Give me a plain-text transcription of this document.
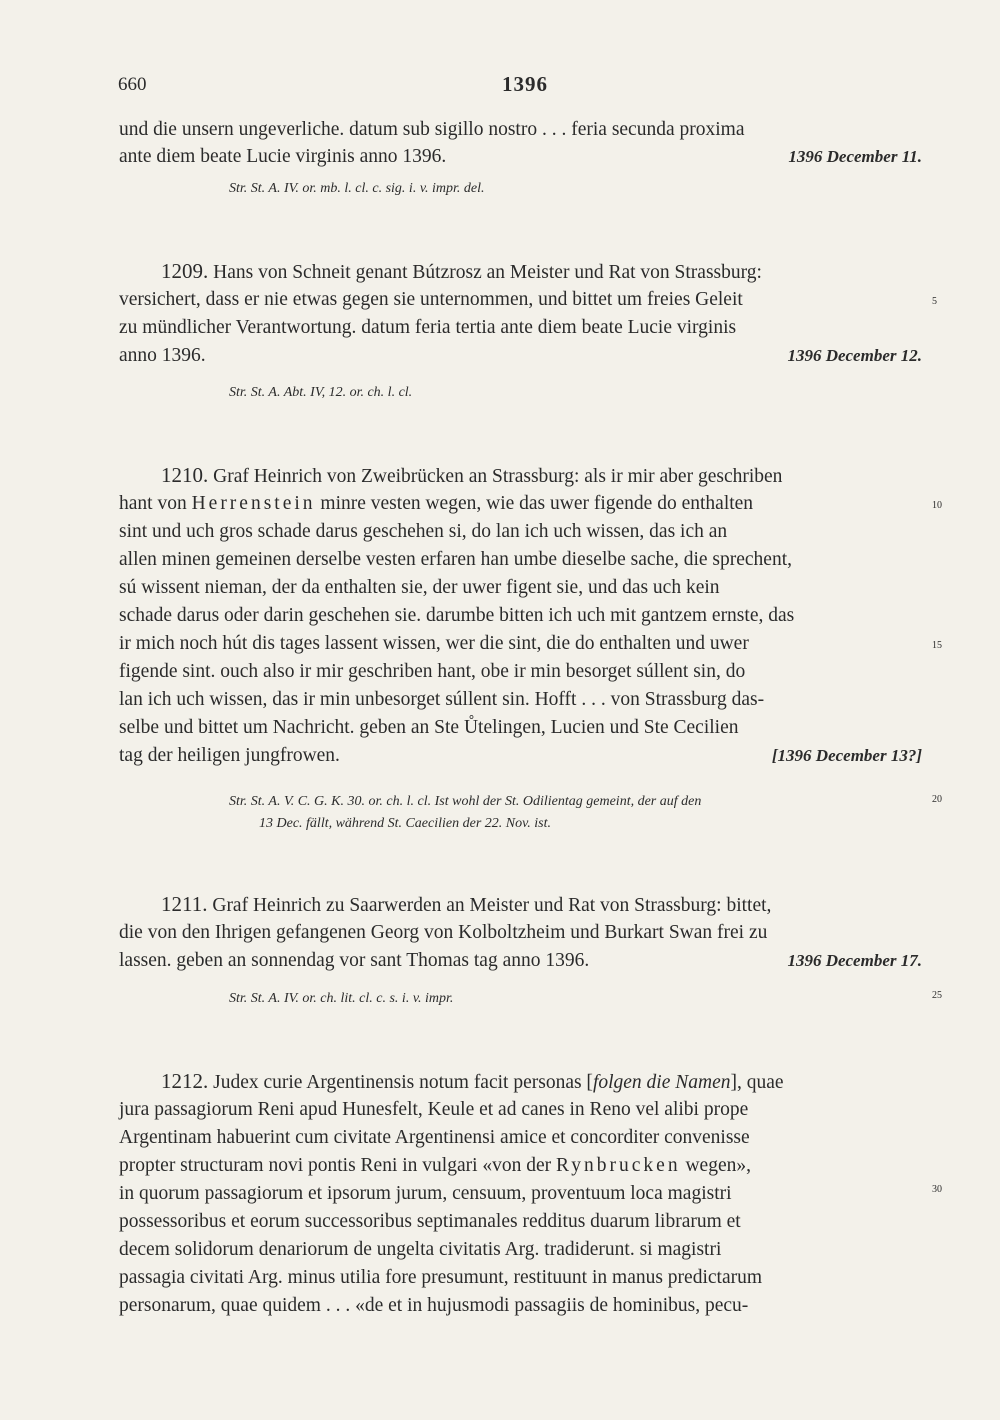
660	1396
und die unsern ungeverliche. datum sub sigillo nostro . . . feria secunda proxima
ante diem beate Lucie virginis anno 1396.	1396 December 11.
Str. St. A. IV. or. mb. l. cl. c. sig. i. v. impr. del.
1209. Hans von Schneit genant Bútzrosz an Meister und Rat von Strassburg:
versichert, dass er nie etwas gegen sie unternommen, und bittet um freies Geleit
zu mündlicher Verantwortung. datum feria tertia ante diem beate Lucie virginis
anno 1396.	1396 December 12.
Str. St. A. Abt. IV, 12. or. ch. l. cl.
1210. Graf Heinrich von Zweibrücken an Strassburg: als ir mir aber geschriben
hant von Herrenstein minre vesten wegen, wie das uwer figende do enthalten
sint und uch gros schade darus geschehen si, do lan ich uch wissen, das ich an
allen minen gemeinen derselbe vesten erfaren han umbe dieselbe sache, die sprechent,
sú wissent nieman, der da enthalten sie, der uwer figent sie, und das uch kein
schade darus oder darin geschehen sie. darumbe bitten ich uch mit gantzem ernste, das
ir mich noch hút dis tages lassent wissen, wer die sint, die do enthalten und uwer
figende sint. ouch also ir mir geschriben hant, obe ir min besorget súllent sin, do
lan ich uch wissen, das ir min unbesorget súllent sin. Hofft . . . von Strassburg das-
selbe und bittet um Nachricht. geben an Ste Ůtelingen, Lucien und Ste Cecilien
tag der heiligen jungfrowen.	[1396 December 13?]
Str. St. A. V. C. G. K. 30. or. ch. l. cl. Ist wohl der St. Odilientag gemeint, der auf den
13 Dec. fällt, während St. Caecilien der 22. Nov. ist.
1211. Graf Heinrich zu Saarwerden an Meister und Rat von Strassburg: bittet,
die von den Ihrigen gefangenen Georg von Kolboltzheim und Burkart Swan frei zu
lassen. geben an sonnendag vor sant Thomas tag anno 1396.	1396 December 17.
Str. St. A. IV. or. ch. lit. cl. c. s. i. v. impr.
1212. Judex curie Argentinensis notum facit personas [folgen die Namen], quae
jura passagiorum Reni apud Hunesfelt, Keule et ad canes in Reno vel alibi prope
Argentinam habuerint cum civitate Argentinensi amice et concorditer convenisse
propter structuram novi pontis Reni in vulgari «von der Rynbrucken wegen»,
in quorum passagiorum et ipsorum jurum, censuum, proventuum loca magistri
possessoribus et eorum successoribus septimanales redditus duarum librarum et
decem solidorum denariorum de ungelta civitatis Arg. tradiderunt. si magistri
passagia civitati Arg. minus utilia fore presumunt, restituunt in manus predictarum
personarum, quae quidem . . . «de et in hujusmodi passagiis de hominibus, pecu-
5
10
15
20
25
30
